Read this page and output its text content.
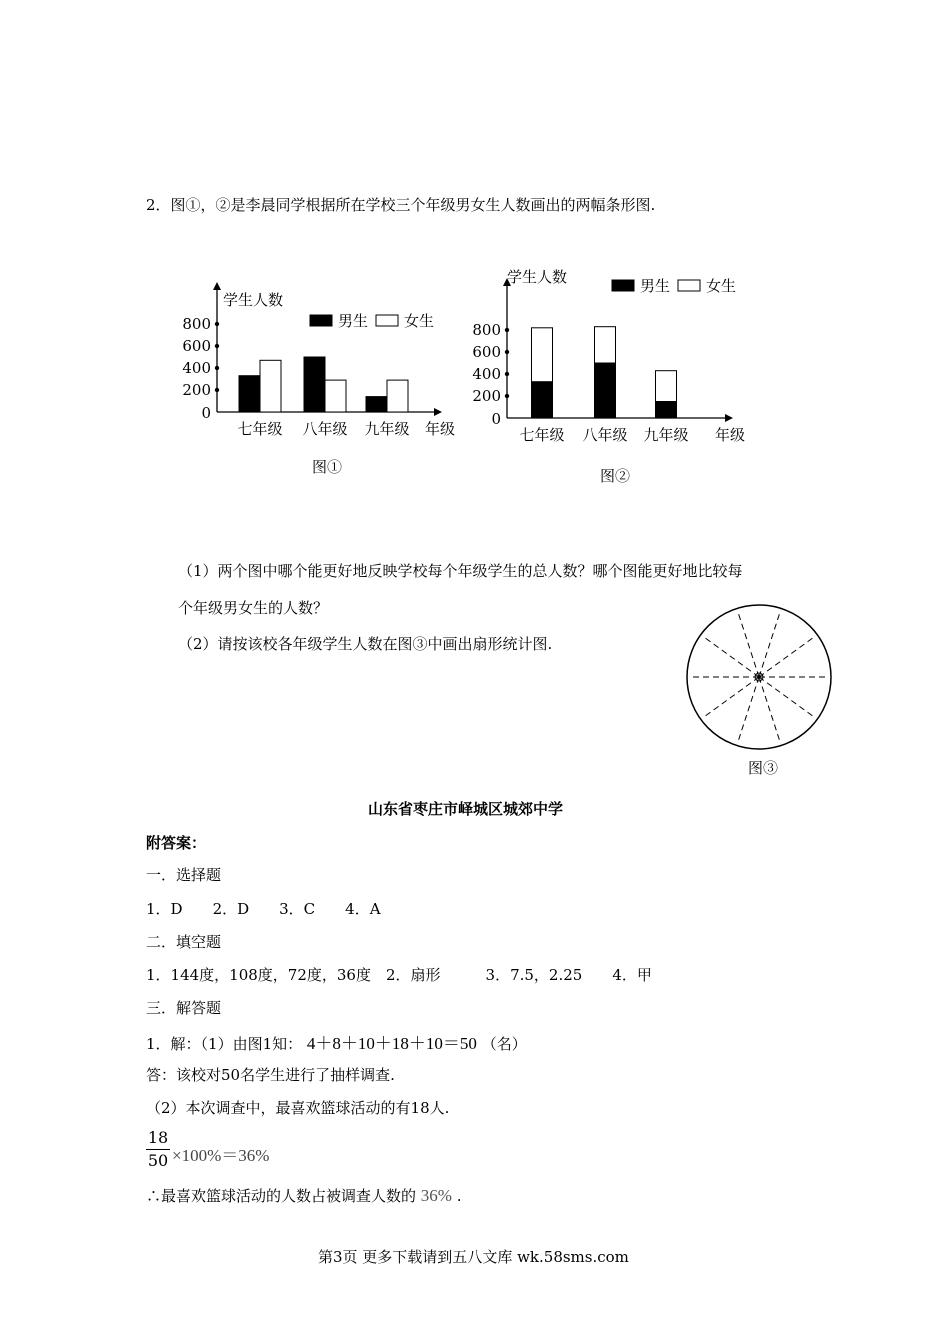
2．图①，②是李晨同学根据所在学校三个年级男女生人数画出的两幅条形图.
0
200
400
600
800
学生人数
年级
男生 女生
七年级 八年级 九年级
图①
0
200
400
600
800
学生人数
年级
男生 女生
七年级 八年级 九年级
图②
（1）两个图中哪个能更好地反映学校每个年级学生的总人数？哪个图能更好地比较每
个年级男女生的人数？
（2）请按该校各年级学生人数在图③中画出扇形统计图.
图③
山东省枣庄市峄城区城郊中学
附答案：
一．选择题
1．D　　2．D　　3．C　　4．A
二．填空题
1．144度，108度，72度，36度　2．扇形　　　3．7.5，2.25　　4．甲
三．解答题
1．解：（1）由图1知： 4＋8＋10＋18＋10＝50 （名）
答：该校对50名学生进行了抽样调查.
（2）本次调查中，最喜欢篮球活动的有18人.
18
50 ×100%＝36%
∴最喜欢篮球活动的人数占被调查人数的 36% .
第3页 更多下载请到五八文库 wk.58sms.com
